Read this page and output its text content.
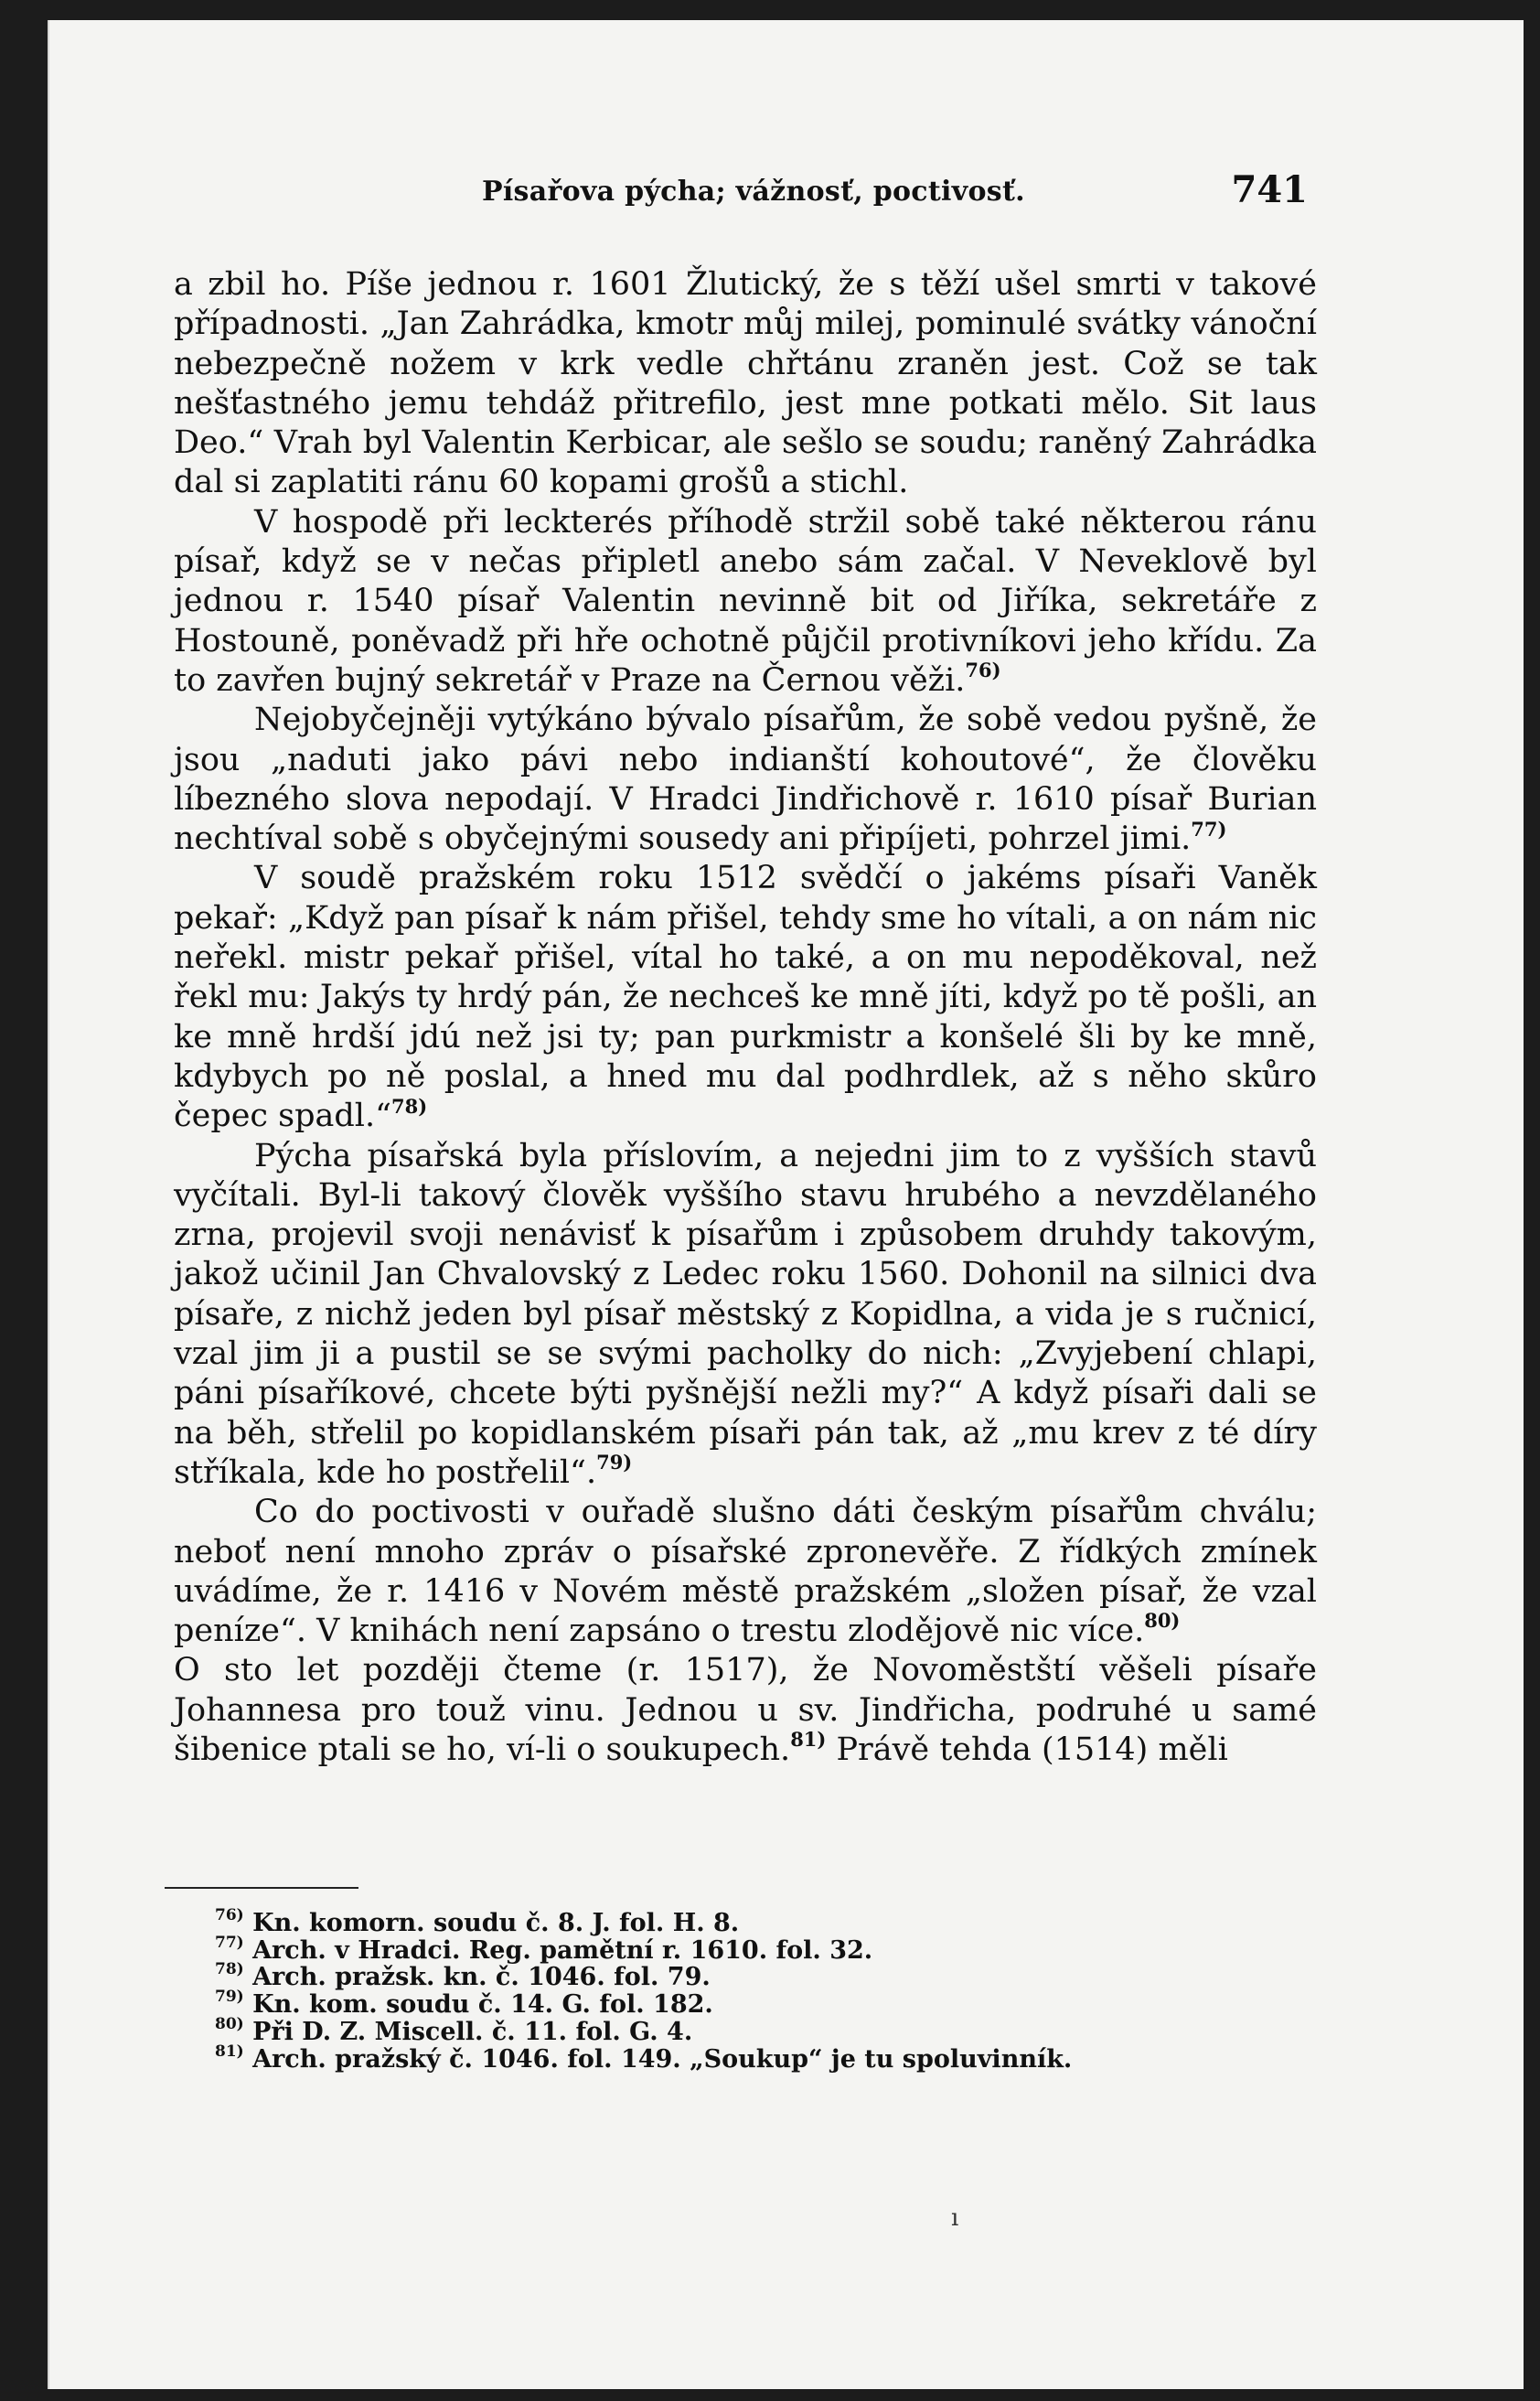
Písařova pýcha; vážnosť, poctivosť.	741

a zbil ho. Píše jednou r. 1601 Žlutický, že s těží ušel smrti v takové případnosti. „Jan Zahrádka, kmotr můj milej, pominulé svátky vánoční nebezpečně nožem v krk vedle chřtánu zraněn jest. Což se tak nešťastného jemu tehdáž přitrefilo, jest mne potkati mělo. Sit laus Deo.“ Vrah byl Valentin Kerbicar, ale sešlo se soudu; raněný Zahrádka dal si zaplatiti ránu 60 kopami grošů a stichl.

V hospodě při leckterés příhodě stržil sobě také některou ránu písař, když se v nečas připletl anebo sám začal. V Neveklově byl jednou r. 1540 písař Valentin nevinně bit od Jiříka, sekretáře z Hostouně, poněvadž při hře ochotně půjčil protivníkovi jeho křídu. Za to zavřen bujný sekretář v Praze na Černou věži.$^{76)}$

Nejobyčejněji vytýkáno bývalo písařům, že sobě vedou pyšně, že jsou „naduti jako pávi nebo indianští kohoutové“, že člověku líbezného slova nepodají. V Hradci Jindřichově r. 1610 písař Burian nechtíval sobě s obyčejnými sousedy ani připíjeti, pohrzel jimi.$^{77)}$

V soudě pražském roku 1512 svědčí o jakéms písaři Vaněk pekař: „Když pan písař k nám přišel, tehdy sme ho vítali, a on nám nic neřekl. mistr pekař přišel, vítal ho také, a on mu nepoděkoval, než řekl mu: Jakýs ty hrdý pán, že nechceš ke mně jíti, když po tě pošli, an ke mně hrdší jdú než jsi ty; pan purkmistr a konšelé šli by ke mně, kdybych po ně poslal, a hned mu dal podhrdlek, až s něho skůro čepec spadl.“$^{78)}$

Pýcha písařská byla příslovím, a nejedni jim to z vyšších stavů vyčítali. Byl-li takový člověk vyššího stavu hrubého a nevzdělaného zrna, projevil svoji nenávisť k písařům i způsobem druhdy takovým, jakož učinil Jan Chvalovský z Ledec roku 1560. Dohonil na silnici dva písaře, z nichž jeden byl písař městský z Kopidlna, a vida je s ručnicí, vzal jim ji a pustil se se svými pacholky do nich: „Zvyjebení chlapi, páni písaříkové, chcete býti pyšnější nežli my?“ A když písaři dali se na běh, střelil po kopidlanském písaři pán tak, až „mu krev z té díry stříkala, kde ho postřelil“.$^{79)}$

Co do poctivosti v ouřadě slušno dáti českým písařům chválu; neboť není mnoho zpráv o písařské zpronevěře. Z řídkých zmínek uvádíme, že r. 1416 v Novém městě pražském „složen písař, že vzal peníze“. V knihách není zapsáno o trestu zlodějově nic více.$^{80)}$

O sto let později čteme (r. 1517), že Novoměstští věšeli písaře Johannesa pro touž vinu. Jednou u sv. Jindřicha, podruhé u samé šibenice ptali se ho, ví-li o soukupech.$^{81)}$ Právě tehda (1514) měli

$^{76)}$ Kn. komorn. soudu č. 8. J. fol. H. 8.
$^{77)}$ Arch. v Hradci. Reg. pamětní r. 1610. fol. 32.
$^{78)}$ Arch. pražsk. kn. č. 1046. fol. 79.
$^{79)}$ Kn. kom. soudu č. 14. G. fol. 182.
$^{80)}$ Při D. Z. Miscell. č. 11. fol. G. 4.
$^{81)}$ Arch. pražský č. 1046. fol. 149. „Soukup“ je tu spoluvinník.
ı
